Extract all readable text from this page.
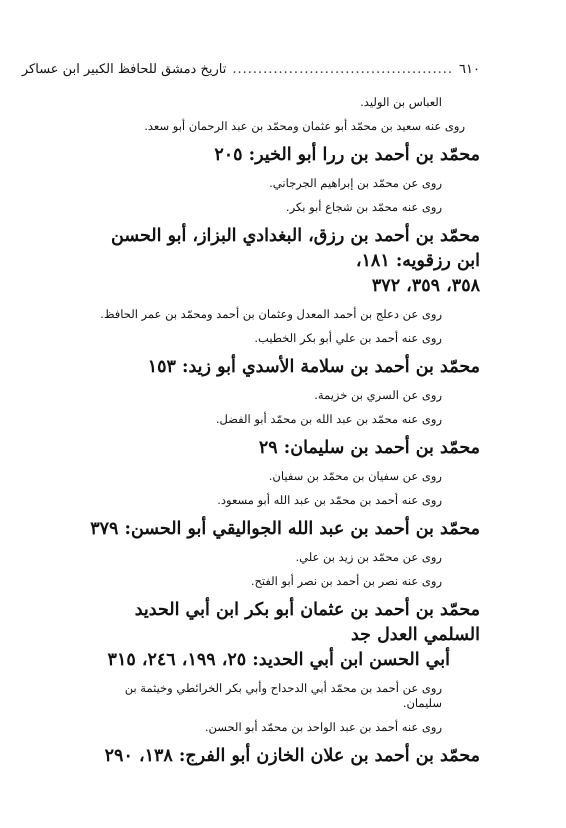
٦١٠
...........................................
تاريخ دمشق للحافظ الكبير ابن عساكر

العباس بن الوليد.

روى عنه سعيد بن محمّد أبو عثمان ومحمّد بن عبد الرحمان أبو سعد.

محمّد بن أحمد بن ررا أبو الخير: ٢٠٥

روى عن محمّد بن إبراهيم الجرجاني.

روى عنه محمّد بن شجاع أبو بكر.

محمّد بن أحمد بن رزق، البغدادي البزاز، أبو الحسن ابن رزقويه: ١٨١،
٣٥٨، ٣٥٩، ٣٧٢

روى عن دعلج بن أحمد المعدل وعثمان بن أحمد ومحمّد بن عمر الحافظ.

روى عنه أحمد بن علي أبو بكر الخطيب.

محمّد بن أحمد بن سلامة الأسدي أبو زيد: ١٥٣

روى عن السري بن خزيمة.

روى عنه محمّد بن عبد الله بن محمّد أبو الفضل.

محمّد بن أحمد بن سليمان: ٢٩

روى عن سفيان بن محمّد بن سفيان.

روى عنه أحمد بن محمّد بن عبد الله أبو مسعود.

محمّد بن أحمد بن عبد الله الجواليقي أبو الحسن: ٣٧٩

روى عن محمّد بن زيد بن علي.

روى عنه نصر بن أحمد بن نصر أبو الفتح.

محمّد بن أحمد بن عثمان أبو بكر ابن أبي الحديد السلمي العدل جد
أبي الحسن ابن أبي الحديد: ٢٥، ١٩٩، ٢٤٦، ٣١٥

روى عن أحمد بن محمّد أبي الدحداح وأبي بكر الخرائطي وخيثمة بن سليمان.

روى عنه أحمد بن عبد الواحد بن محمّد أبو الحسن.

محمّد بن أحمد بن علان الخازن أبو الفرج: ١٣٨، ٢٩٠
